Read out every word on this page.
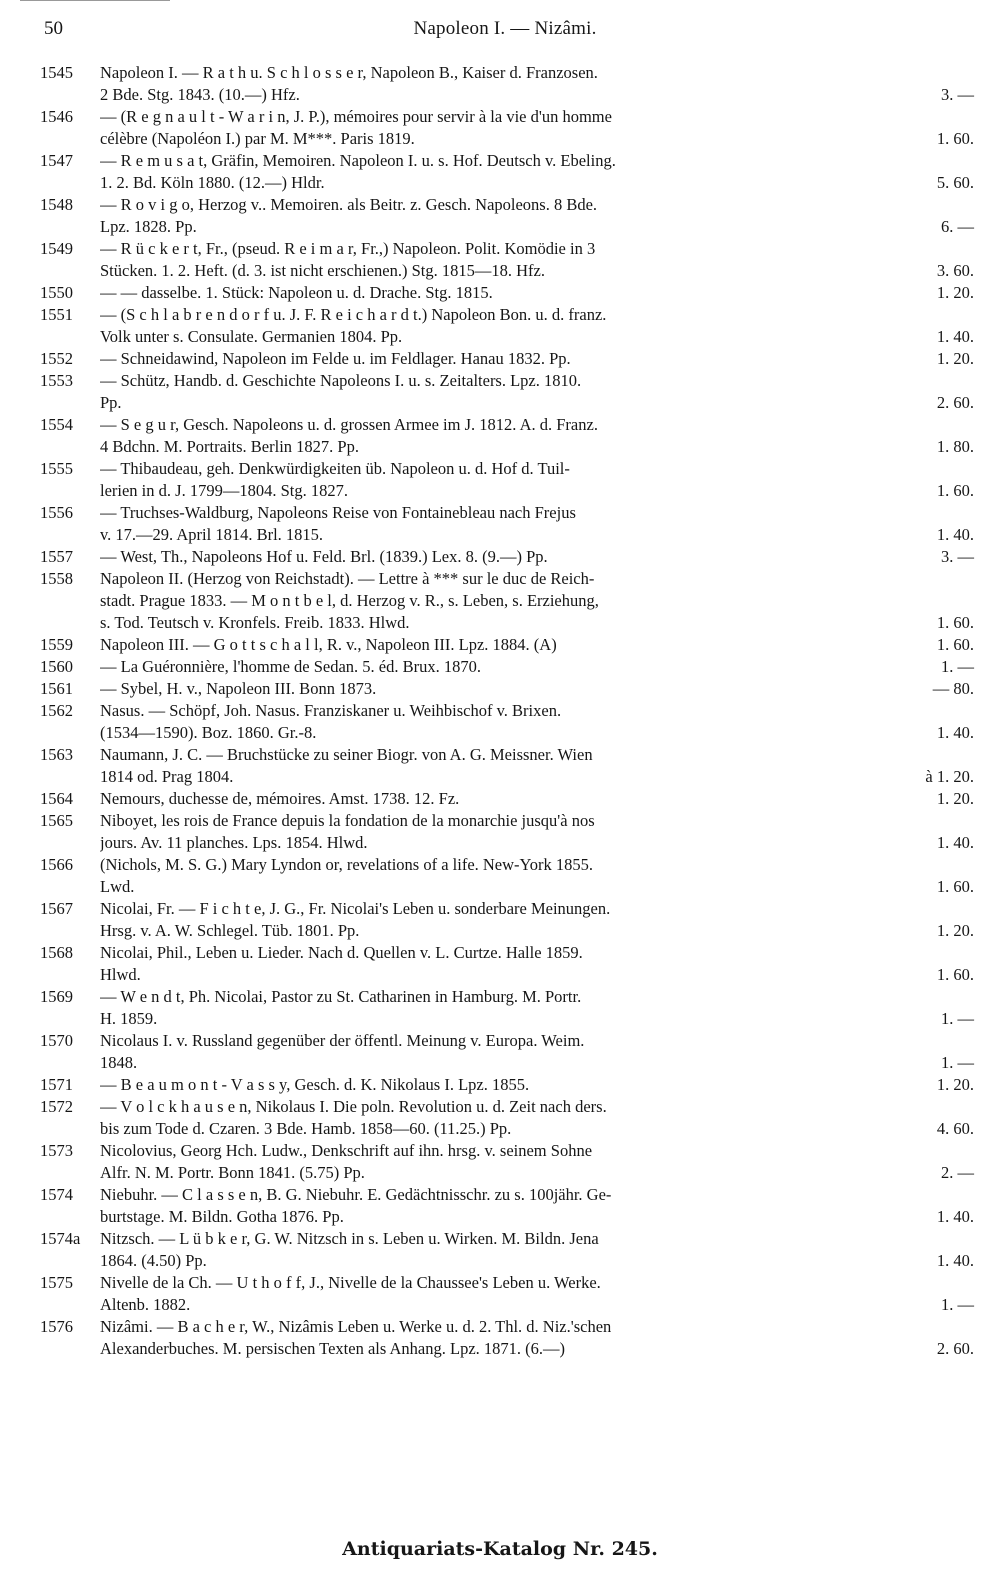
50	Napoleon I. — Nizâmi.
1545	Napoleon I. — R a t h u. S c h l o s s e r, Napoleon B., Kaiser d. Franzosen.
2 Bde. Stg. 1843. (10.—) Hfz.	3. —
1546	— (R e g n a u l t - W a r i n, J. P.), mémoires pour servir à la vie d'un homme
célèbre (Napoléon I.) par M. M***. Paris 1819.	1. 60.
1547	— R e m u s a t, Gräfin, Memoiren. Napoleon I. u. s. Hof. Deutsch v. Ebeling.
1. 2. Bd. Köln 1880. (12.—) Hldr.	5. 60.
1548	— R o v i g o, Herzog v.. Memoiren. als Beitr. z. Gesch. Napoleons. 8 Bde.
Lpz. 1828. Pp.	6. —
1549	— R ü c k e r t, Fr., (pseud. R e i m a r, Fr.,) Napoleon. Polit. Komödie in 3
Stücken. 1. 2. Heft. (d. 3. ist nicht erschienen.) Stg. 1815—18. Hfz.	3. 60.
1550	— — dasselbe. 1. Stück: Napoleon u. d. Drache. Stg. 1815.	1. 20.
1551	— (S c h l a b r e n d o r f u. J. F. R e i c h a r d t.) Napoleon Bon. u. d. franz.
Volk unter s. Consulate. Germanien 1804. Pp.	1. 40.
1552	— Schneidawind, Napoleon im Felde u. im Feldlager. Hanau 1832. Pp.	1. 20.
1553	— Schütz, Handb. d. Geschichte Napoleons I. u. s. Zeitalters. Lpz. 1810.
Pp.	2. 60.
1554	— S e g u r, Gesch. Napoleons u. d. grossen Armee im J. 1812. A. d. Franz.
4 Bdchn. M. Portraits. Berlin 1827. Pp.	1. 80.
1555	— Thibaudeau, geh. Denkwürdigkeiten üb. Napoleon u. d. Hof d. Tuil-
lerien in d. J. 1799—1804. Stg. 1827.	1. 60.
1556	— Truchses-Waldburg, Napoleons Reise von Fontainebleau nach Frejus
v. 17.—29. April 1814. Brl. 1815.	1. 40.
1557	— West, Th., Napoleons Hof u. Feld. Brl. (1839.) Lex. 8. (9.—) Pp.	3. —
1558	Napoleon II. (Herzog von Reichstadt). — Lettre à *** sur le duc de Reich-
stadt. Prague 1833. — M o n t b e l, d. Herzog v. R., s. Leben, s. Erziehung,
s. Tod. Teutsch v. Kronfels. Freib. 1833. Hlwd.	1. 60.
1559	Napoleon III. — G o t t s c h a l l, R. v., Napoleon III. Lpz. 1884. (A)	1. 60.
1560	— La Guéronnière, l'homme de Sedan. 5. éd. Brux. 1870.	1. —
1561	— Sybel, H. v., Napoleon III. Bonn 1873.	— 80.
1562	Nasus. — Schöpf, Joh. Nasus. Franziskaner u. Weihbischof v. Brixen.
(1534—1590). Boz. 1860. Gr.-8.	1. 40.
1563	Naumann, J. C. — Bruchstücke zu seiner Biogr. von A. G. Meissner. Wien
1814 od. Prag 1804.	à 1. 20.
1564	Nemours, duchesse de, mémoires. Amst. 1738. 12. Fz.	1. 20.
1565	Niboyet, les rois de France depuis la fondation de la monarchie jusqu'à nos
jours. Av. 11 planches. Lps. 1854. Hlwd.	1. 40.
1566	(Nichols, M. S. G.) Mary Lyndon or, revelations of a life. New-York 1855.
Lwd.	1. 60.
1567	Nicolai, Fr. — F i c h t e, J. G., Fr. Nicolai's Leben u. sonderbare Meinungen.
Hrsg. v. A. W. Schlegel. Tüb. 1801. Pp.	1. 20.
1568	Nicolai, Phil., Leben u. Lieder. Nach d. Quellen v. L. Curtze. Halle 1859.
Hlwd.	1. 60.
1569	— W e n d t, Ph. Nicolai, Pastor zu St. Catharinen in Hamburg. M. Portr.
H. 1859.	1. —
1570	Nicolaus I. v. Russland gegenüber der öffentl. Meinung v. Europa. Weim.
1848.	1. —
1571	— B e a u m o n t - V a s s y, Gesch. d. K. Nikolaus I. Lpz. 1855.	1. 20.
1572	— V o l c k h a u s e n, Nikolaus I. Die poln. Revolution u. d. Zeit nach ders.
bis zum Tode d. Czaren. 3 Bde. Hamb. 1858—60. (11.25.) Pp.	4. 60.
1573	Nicolovius, Georg Hch. Ludw., Denkschrift auf ihn. hrsg. v. seinem Sohne
Alfr. N. M. Portr. Bonn 1841. (5.75) Pp.	2. —
1574	Niebuhr. — C l a s s e n, B. G. Niebuhr. E. Gedächtnisschr. zu s. 100jähr. Ge-
burtstage. M. Bildn. Gotha 1876. Pp.	1. 40.
1574a	Nitzsch. — L ü b k e r, G. W. Nitzsch in s. Leben u. Wirken. M. Bildn. Jena
1864. (4.50) Pp.	1. 40.
1575	Nivelle de la Ch. — U t h o f f, J., Nivelle de la Chaussee's Leben u. Werke.
Altenb. 1882.	1. —
1576	Nizâmi. — B a c h e r, W., Nizâmis Leben u. Werke u. d. 2. Thl. d. Niz.'schen
Alexanderbuches. M. persischen Texten als Anhang. Lpz. 1871. (6.—)	2. 60.
Antiquariats-Katalog Nr. 245.
